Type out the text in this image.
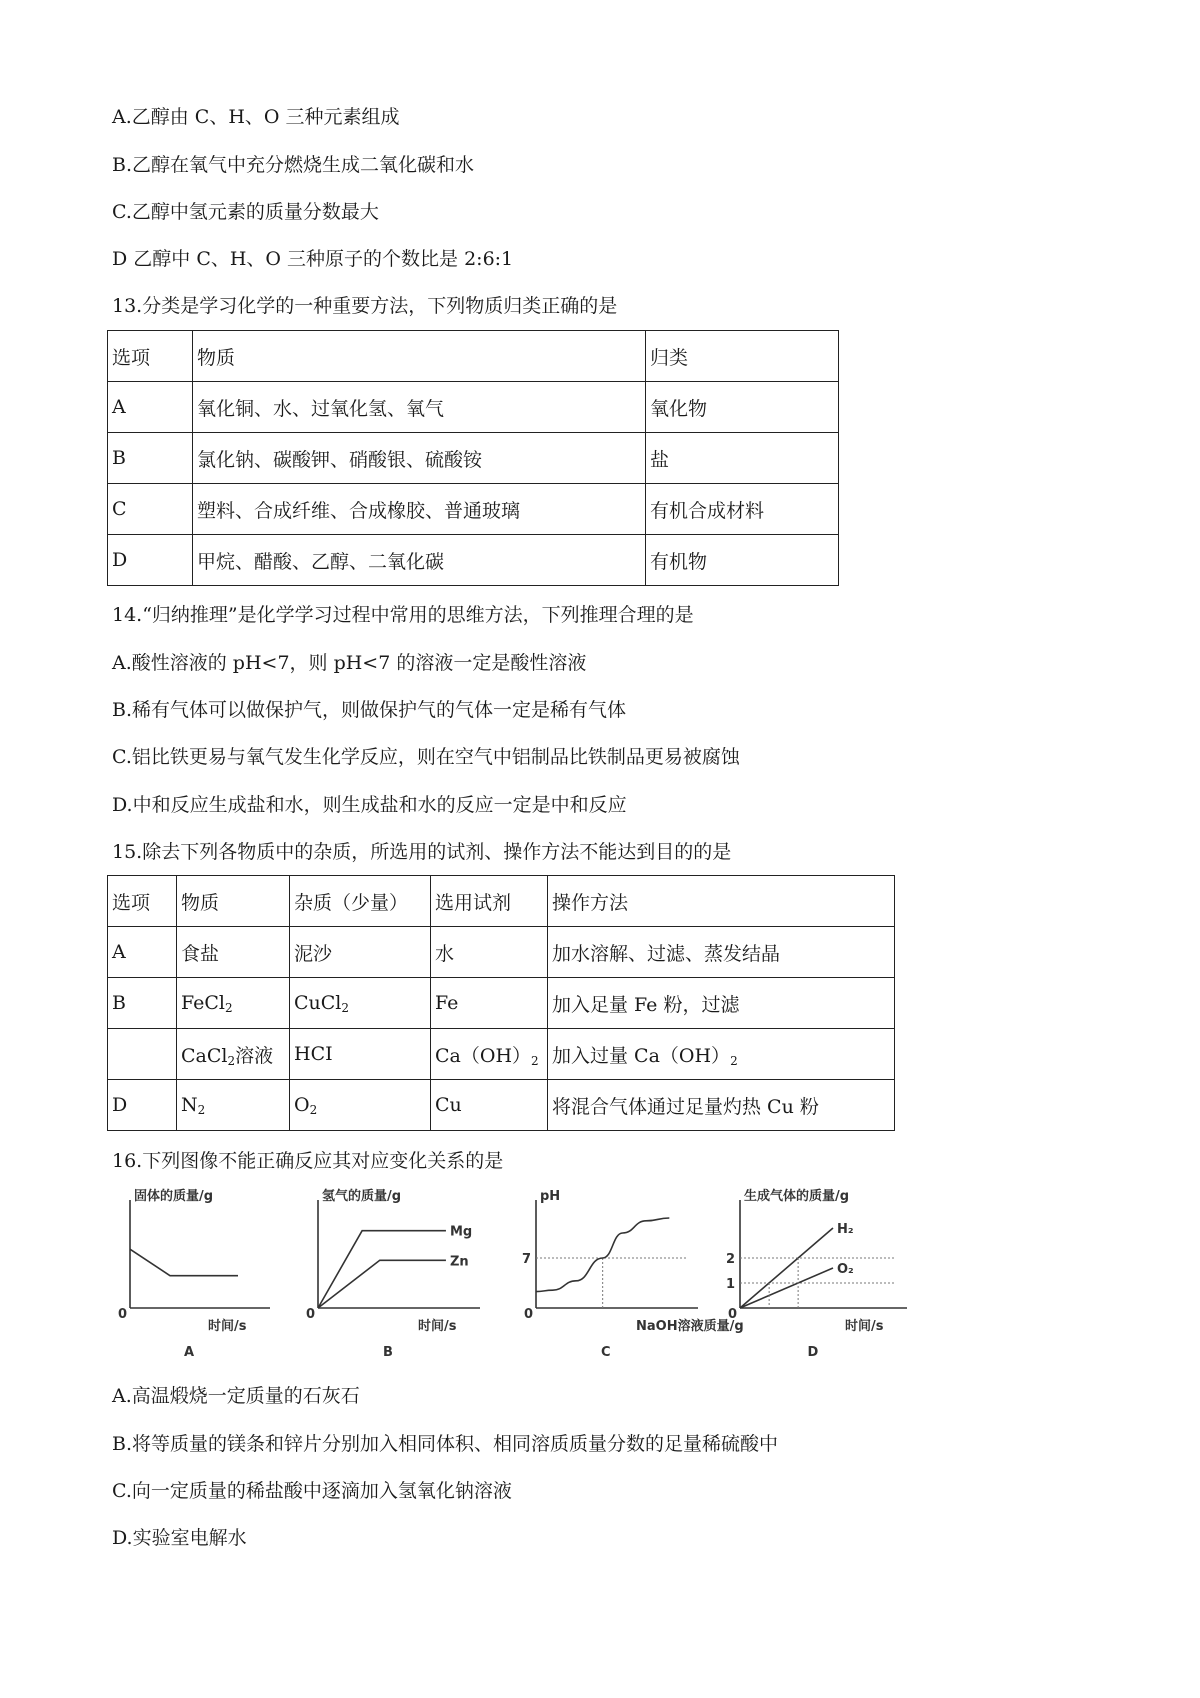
A.乙醇由 C、H、O 三种元素组成
B.乙醇在氧气中充分燃烧生成二氧化碳和水
C.乙醇中氢元素的质量分数最大
D 乙醇中 C、H、O 三种原子的个数比是 2:6:1
13.分类是学习化学的一种重要方法，下列物质归类正确的是
选项	物质	归类
A	氧化铜、水、过氧化氢、氧气	氧化物
B	氯化钠、碳酸钾、硝酸银、硫酸铵	盐
C	塑料、合成纤维、合成橡胶、普通玻璃	有机合成材料
D	甲烷、醋酸、乙醇、二氧化碳	有机物
14.“归纳推理”是化学学习过程中常用的思维方法，下列推理合理的是
A.酸性溶液的 pH<7，则 pH<7 的溶液一定是酸性溶液
B.稀有气体可以做保护气，则做保护气的气体一定是稀有气体
C.铝比铁更易与氧气发生化学反应，则在空气中铝制品比铁制品更易被腐蚀
D.中和反应生成盐和水，则生成盐和水的反应一定是中和反应
15.除去下列各物质中的杂质，所选用的试剂、操作方法不能达到目的的是
选项	物质	杂质（少量）	选用试剂	操作方法
A	食盐	泥沙	水	加水溶解、过滤、蒸发结晶
B	FeCl$_2$	CuCl$_2$	Fe	加入足量 Fe 粉，过滤
	CaCl$_2$溶液	HCI	$Ca(OH)_2$	加入过量 $Ca(OH)_2$
D	$N_2$	$O_2$	Cu	将混合气体通过足量灼热 Cu 粉
16.下列图像不能正确反应其对应变化关系的是
固体的质量/g
时间/s
0
A
氢气的质量/g
时间/s
0
B
Mg
Zn
pH
NaOH溶液质量/g
0
C
7
生成气体的质量/g
时间/s
0
D
1
2
H₂
O₂
A.高温煅烧一定质量的石灰石
B.将等质量的镁条和锌片分别加入相同体积、相同溶质质量分数的足量稀硫酸中
C.向一定质量的稀盐酸中逐滴加入氢氧化钠溶液
D.实验室电解水
